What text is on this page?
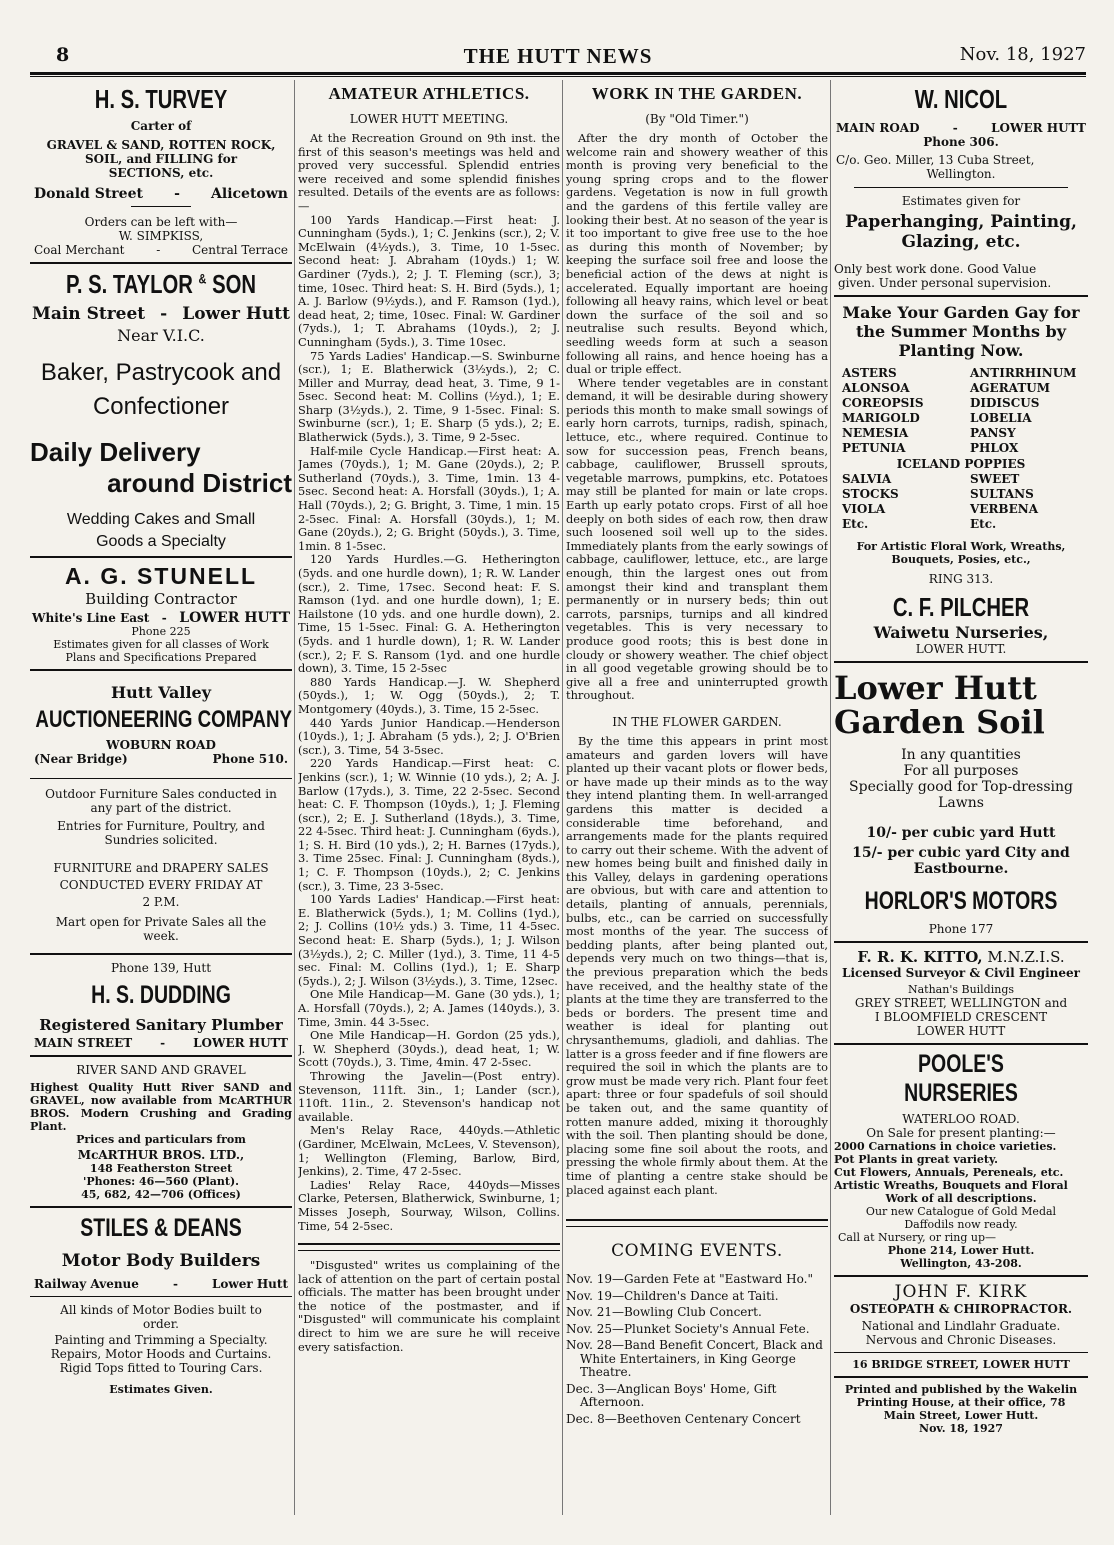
8	THE HUTT NEWS	Nov. 18, 1927
H. S. TURVEY
Carter of
GRAVEL & SAND, ROTTEN ROCK,
SOIL, and FILLING for
SECTIONS, etc.
Donald Street - Alicetown
Orders can be left with—
W. SIMPKISS,
Coal Merchant	-	Central Terrace
P. S. TAYLOR & SON
Main Street - Lower Hutt
Near V.I.C.
Baker, Pastrycook and
Confectioner
Daily Delivery
around District
Wedding Cakes and Small
Goods a Specialty
A. G. STUNELL
Building Contractor
White's Line East - LOWER HUTT
Phone 225
Estimates given for all classes of Work
Plans and Specifications Prepared
Hutt Valley
AUCTIONEERING COMPANY
WOBURN ROAD
(Near Bridge)	Phone 510.
Outdoor Furniture Sales conducted in
any part of the district.
Entries for Furniture, Poultry, and
Sundries solicited.
FURNITURE and DRAPERY SALES
CONDUCTED EVERY FRIDAY AT
2 P.M.
Mart open for Private Sales all the
week.
Phone 139, Hutt
H. S. DUDDING
Registered Sanitary Plumber
MAIN STREET - LOWER HUTT
RIVER SAND AND GRAVEL
Highest Quality Hutt River SAND and GRAVEL, now available from McARTHUR BROS. Modern Crushing and Grading Plant.
Prices and particulars from
McARTHUR BROS. LTD.,
148 Featherston Street
'Phones: 46—560 (Plant).
45, 682, 42—706 (Offices)
STILES & DEANS
Motor Body Builders
Railway Avenue	-	Lower Hutt
All kinds of Motor Bodies built to
order.
Painting and Trimming a Specialty.
Repairs, Motor Hoods and Curtains.
Rigid Tops fitted to Touring Cars.
Estimates Given.
AMATEUR ATHLETICS.
LOWER HUTT MEETING.

At the Recreation Ground on 9th inst. the first of this season's meetings was held and proved very successful. Splendid entries were received and some splendid finishes resulted. Details of the events are as follows:—

100 Yards Handicap.—First heat: J. Cunningham (5yds.), 1; C. Jenkins (scr.), 2; V. McElwain (4½yds.), 3. Time, 10 1-5sec. Second heat: J. Abraham (10yds.) 1; W. Gardiner (7yds.), 2; J. T. Fleming (scr.), 3; time, 10sec. Third heat: S. H. Bird (5yds.), 1; A. J. Barlow (9½yds.), and F. Ramson (1yd.), dead heat, 2; time, 10sec. Final: W. Gardiner (7yds.), 1; T. Abrahams (10yds.), 2; J. Cunningham (5yds.), 3. Time 10sec.

75 Yards Ladies' Handicap.—S. Swinburne (scr.), 1; E. Blatherwick (3½yds.), 2; C. Miller and Murray, dead heat, 3. Time, 9 1-5sec. Second heat: M. Collins (½yd.), 1; E. Sharp (3½yds.), 2. Time, 9 1-5sec. Final: S. Swinburne (scr.), 1; E. Sharp (5 yds.), 2; E. Blatherwick (5yds.), 3. Time, 9 2-5sec.

Half-mile Cycle Handicap.—First heat: A. James (70yds.), 1; M. Gane (20yds.), 2; P. Sutherland (70yds.), 3. Time, 1min. 13 4-5sec. Second heat: A. Horsfall (30yds.), 1; A. Hall (70yds.), 2; G. Bright, 3. Time, 1 min. 15 2-5sec. Final: A. Horsfall (30yds.), 1; M. Gane (20yds.), 2; G. Bright (50yds.), 3. Time, 1min. 8 1-5sec.

120 Yards Hurdles.—G. Hetherington (5yds. and one hurdle down), 1; R. W. Lander (scr.), 2. Time, 17sec. Second heat: F. S. Ramson (1yd. and one hurdle down), 1; E. Hailstone (10 yds. and one hurdle down), 2. Time, 15 1-5sec. Final: G. A. Hetherington (5yds. and 1 hurdle down), 1; R. W. Lander (scr.), 2; F. S. Ransom (1yd. and one hurdle down), 3. Time, 15 2-5sec

880 Yards Handicap.—J. W. Shepherd (50yds.), 1; W. Ogg (50yds.), 2; T. Montgomery (40yds.), 3. Time, 15 2-5sec.

440 Yards Junior Handicap.—Henderson (10yds.), 1; J. Abraham (5 yds.), 2; J. O'Brien (scr.), 3. Time, 54 3-5sec.

220 Yards Handicap.—First heat: C. Jenkins (scr.), 1; W. Winnie (10 yds.), 2; A. J. Barlow (17yds.), 3. Time, 22 2-5sec. Second heat: C. F. Thompson (10yds.), 1; J. Fleming (scr.), 2; E. J. Sutherland (18yds.), 3. Time, 22 4-5sec. Third heat: J. Cunningham (6yds.), 1; S. H. Bird (10 yds.), 2; H. Barnes (17yds.), 3. Time 25sec. Final: J. Cunningham (8yds.), 1; C. F. Thompson (10yds.), 2; C. Jenkins (scr.), 3. Time, 23 3-5sec.

100 Yards Ladies' Handicap.—First heat: E. Blatherwick (5yds.), 1; M. Collins (1yd.), 2; J. Collins (10½ yds.) 3. Time, 11 4-5sec. Second heat: E. Sharp (5yds.), 1; J. Wilson (3½yds.), 2; C. Miller (1yd.), 3. Time, 11 4-5 sec. Final: M. Collins (1yd.), 1; E. Sharp (5yds.), 2; J. Wilson (3½yds.), 3. Time, 12sec.

One Mile Handicap—M. Gane (30 yds.), 1; A. Horsfall (70yds.), 2; A. James (140yds.), 3. Time, 3min. 44 3-5sec.

One Mile Handicap—H. Gordon (25 yds.), J. W. Shepherd (30yds.), dead heat, 1; W. Scott (70yds.), 3. Time, 4min. 47 2-5sec.

Throwing the Javelin—(Post entry). Stevenson, 111ft. 3in., 1; Lander (scr.), 110ft. 11in., 2. Stevenson's handicap not available.

Men's Relay Race, 440yds.—Athletic (Gardiner, McElwain, McLees, V. Stevenson), 1; Wellington (Fleming, Barlow, Bird, Jenkins), 2. Time, 47 2-5sec.

Ladies' Relay Race, 440yds—Misses Clarke, Petersen, Blatherwick, Swinburne, 1; Misses Joseph, Sourway, Wilson, Collins. Time, 54 2-5sec.

"Disgusted" writes us complaining of the lack of attention on the part of certain postal officials. The matter has been brought under the notice of the postmaster, and if "Disgusted" will communicate his complaint direct to him we are sure he will receive every satisfaction.

WORK IN THE GARDEN.
(By "Old Timer.")

After the dry month of October the welcome rain and showery weather of this month is proving very beneficial to the young spring crops and to the flower gardens. Vegetation is now in full growth and the gardens of this fertile valley are looking their best. At no season of the year is it too important to give free use to the hoe as during this month of November; by keeping the surface soil free and loose the beneficial action of the dews at night is accelerated. Equally important are hoeing following all heavy rains, which level or beat down the surface of the soil and so neutralise such results. Beyond which, seedling weeds form at such a season following all rains, and hence hoeing has a dual or triple effect.

Where tender vegetables are in constant demand, it will be desirable during showery periods this month to make small sowings of early horn carrots, turnips, radish, spinach, lettuce, etc., where required. Continue to sow for succession peas, French beans, cabbage, cauliflower, Brussell sprouts, vegetable marrows, pumpkins, etc. Potatoes may still be planted for main or late crops. Earth up early potato crops. First of all hoe deeply on both sides of each row, then draw such loosened soil well up to the sides. Immediately plants from the early sowings of cabbage, cauliflower, lettuce, etc., are large enough, thin the largest ones out from amongst their kind and transplant them permanently or in nursery beds; thin out carrots, parsnips, turnips and all kindred vegetables. This is very necessary to produce good roots; this is best done in cloudy or showery weather. The chief object in all good vegetable growing should be to give all a free and uninterrupted growth throughout.

IN THE FLOWER GARDEN.

By the time this appears in print most amateurs and garden lovers will have planted up their vacant plots or flower beds, or have made up their minds as to the way they intend planting them. In well-arranged gardens this matter is decided a considerable time beforehand, and arrangements made for the plants required to carry out their scheme. With the advent of new homes being built and finished daily in this Valley, delays in gardening operations are obvious, but with care and attention to details, planting of annuals, perennials, bulbs, etc., can be carried on successfully most months of the year. The success of bedding plants, after being planted out, depends very much on two things—that is, the previous preparation which the beds have received, and the healthy state of the plants at the time they are transferred to the beds or borders. The present time and weather is ideal for planting out chrysanthemums, gladioli, and dahlias. The latter is a gross feeder and if fine flowers are required the soil in which the plants are to grow must be made very rich. Plant four feet apart: three or four spadefuls of soil should be taken out, and the same quantity of rotten manure added, mixing it thoroughly with the soil. Then planting should be done, placing some fine soil about the roots, and pressing the whole firmly about them. At the time of planting a centre stake should be placed against each plant.

COMING EVENTS.
Nov. 19—Garden Fete at "Eastward Ho."
Nov. 19—Children's Dance at Taiti.
Nov. 21—Bowling Club Concert.
Nov. 25—Plunket Society's Annual Fete.
Nov. 28—Band Benefit Concert, Black and White Entertainers, in King George Theatre.
Dec. 3—Anglican Boys' Home, Gift Afternoon.
Dec. 8—Beethoven Centenary Concert
W. NICOL
MAIN ROAD	-	LOWER HUTT
Phone 306.
C/o. Geo. Miller, 13 Cuba Street,
Wellington.
Estimates given for
Paperhanging, Painting,
Glazing, etc.
Only best work done. Good Value
given. Under personal supervision.
Make Your Garden Gay for
the Summer Months by
Planting Now.
ASTERS	ANTIRRHINUM
ALONSOA	AGERATUM
COREOPSIS	DIDISCUS
MARIGOLD	LOBELIA
NEMESIA	PANSY
PETUNIA	PHLOX
ICELAND POPPIES
SALVIA	SWEET
STOCKS	SULTANS
VIOLA	VERBENA
Etc.	Etc.
For Artistic Floral Work, Wreaths,
Bouquets, Posies, etc.,
RING 313.
C. F. PILCHER
Waiwetu Nurseries,
LOWER HUTT.
Lower Hutt
Garden Soil
In any quantities
For all purposes
Specially good for Top-dressing
Lawns
10/- per cubic yard Hutt
15/- per cubic yard City and
Eastbourne.
HORLOR'S MOTORS
Phone 177
F. R. K. KITTO, M.N.Z.I.S.
Licensed Surveyor & Civil Engineer
Nathan's Buildings
GREY STREET, WELLINGTON and
I BLOOMFIELD CRESCENT
LOWER HUTT
POOLE'S NURSERIES
WATERLOO ROAD.
On Sale for present planting:—
2000 Carnations in choice varieties.
Pot Plants in great variety.
Cut Flowers, Annuals, Pereneals, etc.
Artistic Wreaths, Bouquets and Floral
Work of all descriptions.
Our new Catalogue of Gold Medal
Daffodils now ready.
Call at Nursery, or ring up—
Phone 214, Lower Hutt.
Wellington, 43-208.
JOHN F. KIRK
OSTEOPATH & CHIROPRACTOR.
National and Lindlahr Graduate.
Nervous and Chronic Diseases.
16 BRIDGE STREET, LOWER HUTT
Printed and published by the Wakelin
Printing House, at their office, 78
Main Street, Lower Hutt.
Nov. 18, 1927
